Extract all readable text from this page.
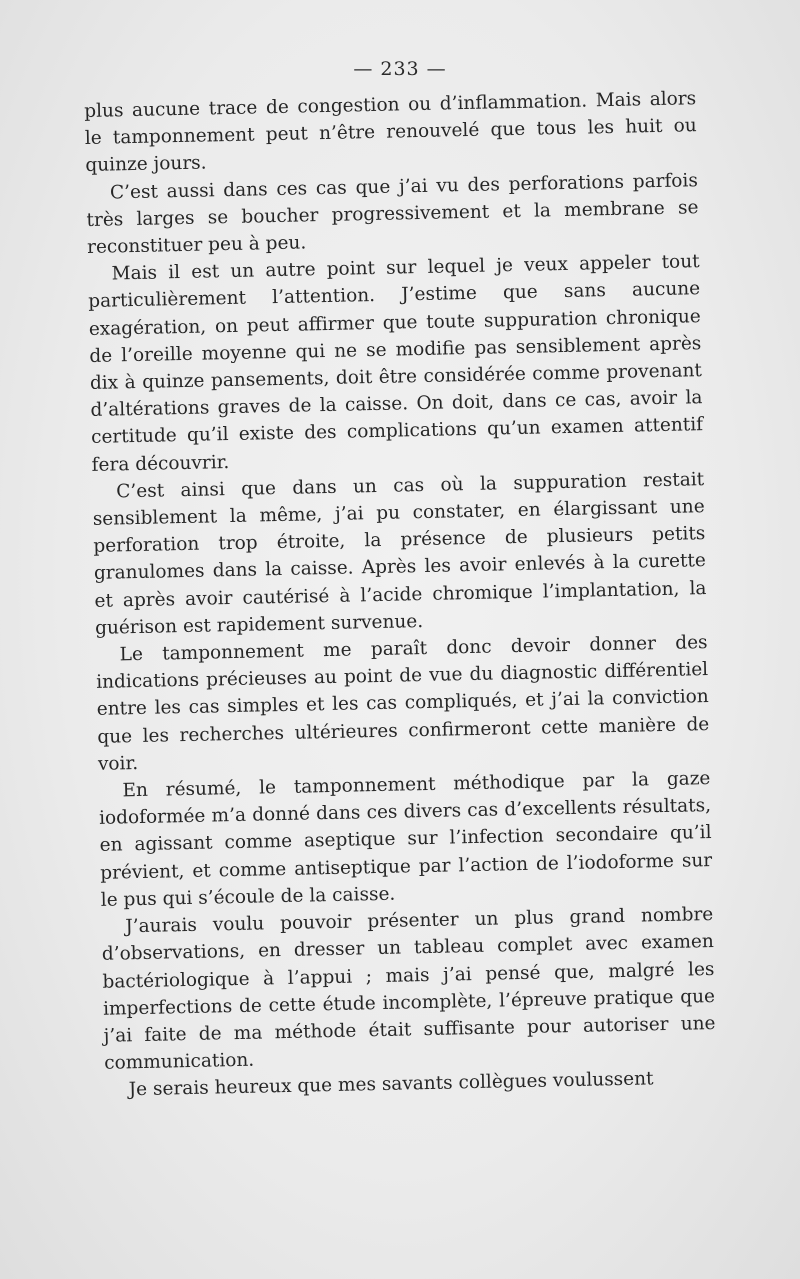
— 233 —

plus aucune trace de congestion ou d’inflammation. Mais alors le tamponnement peut n’être renouvelé que tous les huit ou quinze jours.

C’est aussi dans ces cas que j’ai vu des perforations parfois très larges se boucher progressivement et la membrane se reconstituer peu à peu.

Mais il est un autre point sur lequel je veux appeler tout particulièrement l’attention. J’estime que sans aucune exagération, on peut affirmer que toute suppuration chronique de l’oreille moyenne qui ne se modifie pas sensiblement après dix à quinze pansements, doit être considérée comme provenant d’altérations graves de la caisse. On doit, dans ce cas, avoir la certitude qu’il existe des complications qu’un examen attentif fera découvrir.

C’est ainsi que dans un cas où la suppuration restait sensiblement la même, j’ai pu constater, en élargissant une perforation trop étroite, la présence de plusieurs petits granulomes dans la caisse. Après les avoir enlevés à la curette et après avoir cautérisé à l’acide chromique l’implantation, la guérison est rapidement survenue.

Le tamponnement me paraît donc devoir donner des indications précieuses au point de vue du diagnostic différentiel entre les cas simples et les cas compliqués, et j’ai la conviction que les recherches ultérieures confirmeront cette manière de voir.

En résumé, le tamponnement méthodique par la gaze iodoformée m’a donné dans ces divers cas d’excellents résultats, en agissant comme aseptique sur l’infection secondaire qu’il prévient, et comme antiseptique par l’action de l’iodoforme sur le pus qui s’écoule de la caisse.

J’aurais voulu pouvoir présenter un plus grand nombre d’observations, en dresser un tableau complet avec examen bactériologique à l’appui ; mais j’ai pensé que, malgré les imperfections de cette étude incomplète, l’épreuve pratique que j’ai faite de ma méthode était suffisante pour autoriser une communication.

Je serais heureux que mes savants collègues voulussent
